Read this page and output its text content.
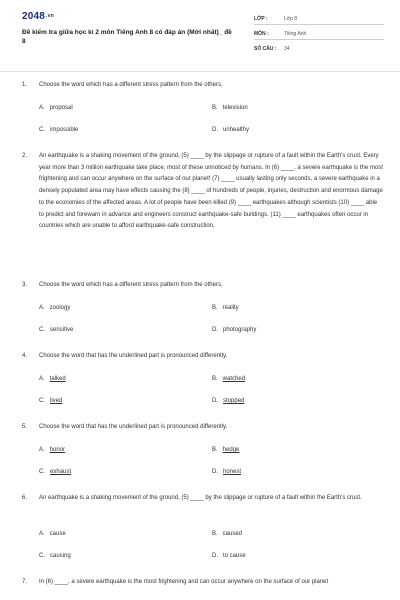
$2048^{.vn}$
Đề kiểm tra giữa học kì 2 môn Tiếng Anh 8 có đáp án (Mới nhất)_ đề 8
LỚP :	Lớp 8
MÔN :	Tiếng Anh
SỐ CÂU : 34
1. Choose the word which has a different stress pattern from the others.
A. proposal	B. television
C. impossible	D. unhealthy
2. An earthquake is a shaking movement of the ground, (5) ____ by the slippage or rupture of a fault within the Earth's crust. Every year more than 3 million earthquake take place, most of these unnoticed by humans. In (6) ____, a severe earthquake is the most frightening and can occur anywhere on the surface of our planet! (7) ____ usually lasting only seconds, a severe earthquake in a densely populated area may have effects causing the (8) ____ of hundreds of people, injuries, destruction and enormous damage to the economies of the affected areas. A lot of people have been killed (9) ____ earthquakes although scientists (10) ____ able to predict and forewarn in advance and engineers construct earthquake-safe buildings. (11) ____ earthquakes often occur in countries which are unable to afford earthquake-safe construction.
3. Choose the word which has a different stress pattern from the others.
A. zoology	B. reality
C. sensitive	D. photography
4. Choose the word that has the underlined part is pronounced differently.
A. talked	B. watched
C. lived	D. stopped
5. Choose the word that has the underlined part is pronounced differently.
A. honor	B. hedge
C. exhaust	D. honest
6. An earthquake is a shaking movement of the ground, (5) ____ by the slippage or rupture of a fault within the Earth's crust.
A. cause	B. caused
C. causing	D. to cause
7. In (6) ____, a severe earthquake is the most frightening and can occur anywhere on the surface of our planet
